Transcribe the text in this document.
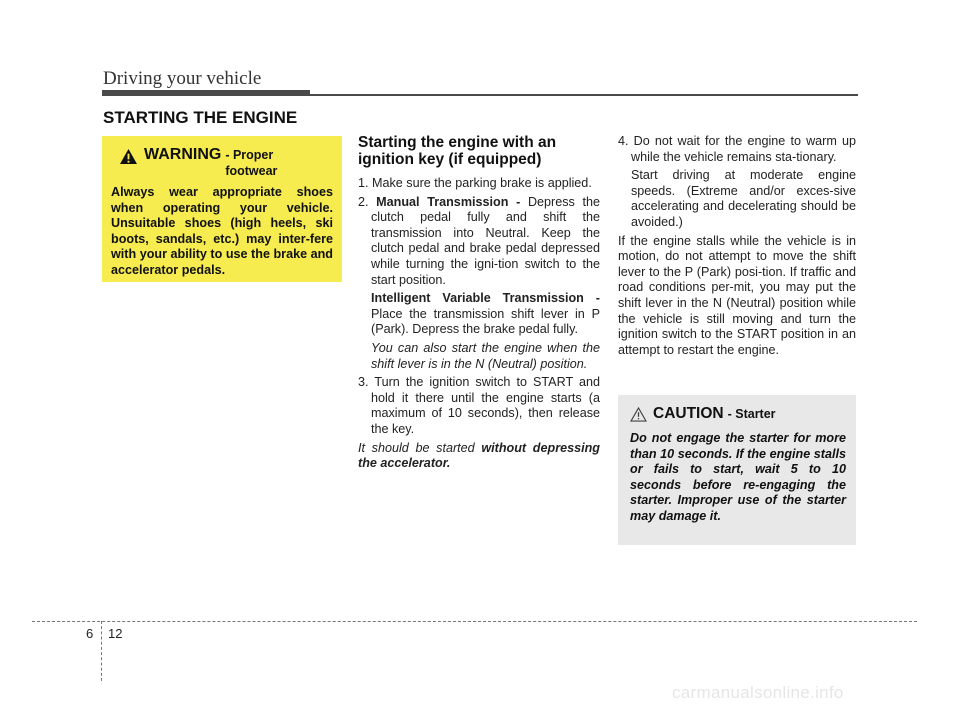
Driving your vehicle
STARTING THE ENGINE
WARNING - Proper footwear
Always wear appropriate shoes when operating your vehicle. Unsuitable shoes (high heels, ski boots, sandals, etc.) may inter-fere with your ability to use the brake and accelerator pedals.
Starting the engine with an ignition key (if equipped)
1. Make sure the parking brake is applied.
2. Manual Transmission - Depress the clutch pedal fully and shift the transmission into Neutral. Keep the clutch pedal and brake pedal depressed while turning the igni-tion switch to the start position.
Intelligent Variable Transmission - Place the transmission shift lever in P (Park). Depress the brake pedal fully.
You can also start the engine when the shift lever is in the N (Neutral) position.
3. Turn the ignition switch to START and hold it there until the engine starts (a maximum of 10 seconds), then release the key.
It should be started without depressing the accelerator.
4. Do not wait for the engine to warm up while the vehicle remains sta-tionary.
Start driving at moderate engine speeds. (Extreme and/or exces-sive accelerating and decelerating should be avoided.)
If the engine stalls while the vehicle is in motion, do not attempt to move the shift lever to the P (Park) posi-tion. If traffic and road conditions per-mit, you may put the shift lever in the N (Neutral) position while the vehicle is still moving and turn the ignition switch to the START position in an attempt to restart the engine.
CAUTION - Starter
Do not engage the starter for more than 10 seconds. If the engine stalls or fails to start, wait 5 to 10 seconds before re-engaging the starter. Improper use of the starter may damage it.
6 12
carmanualsonline.info
